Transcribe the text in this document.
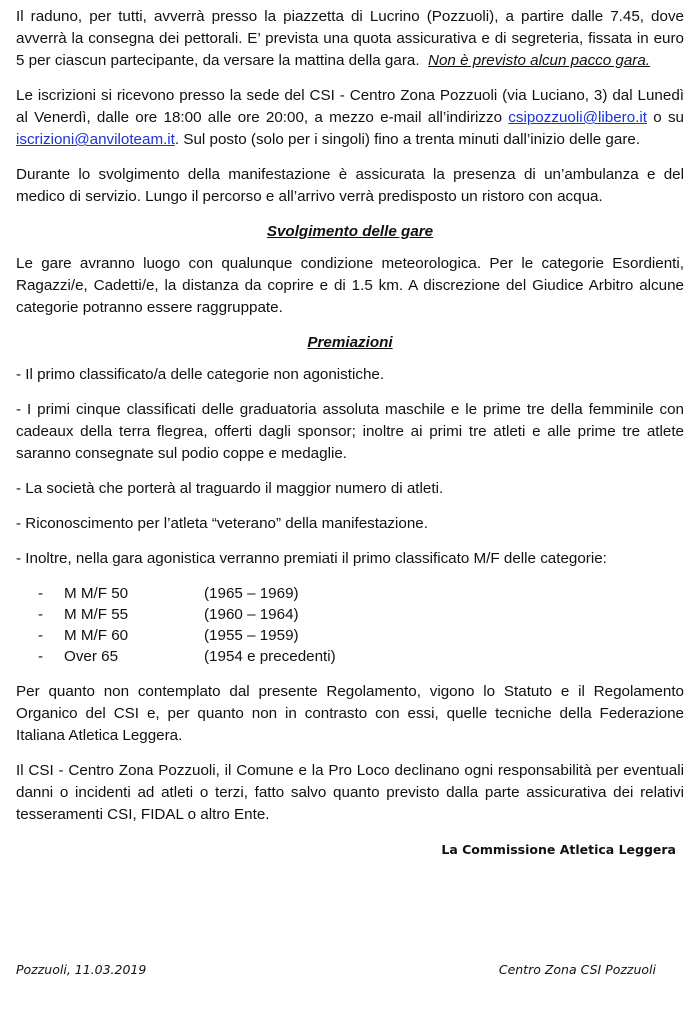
Il raduno, per tutti, avverrà presso la piazzetta di Lucrino (Pozzuoli), a partire dalle 7.45, dove avverrà la consegna dei pettorali. E’ prevista una quota assicurativa e di segreteria, fissata in euro 5 per ciascun partecipante, da versare la mattina della gara. Non è previsto alcun pacco gara.

Le iscrizioni si ricevono presso la sede del CSI - Centro Zona Pozzuoli (via Luciano, 3) dal Lunedì al Venerdì, dalle ore 18:00 alle ore 20:00, a mezzo e-mail all’indirizzo csipozzuoli@libero.it o su iscrizioni@anviloteam.it. Sul posto (solo per i singoli) fino a trenta minuti dall’inizio delle gare.

Durante lo svolgimento della manifestazione è assicurata la presenza di un’ambulanza e del medico di servizio. Lungo il percorso e all’arrivo verrà predisposto un ristoro con acqua.

Svolgimento delle gare

Le gare avranno luogo con qualunque condizione meteorologica. Per le categorie Esordienti, Ragazzi/e, Cadetti/e, la distanza da coprire e di 1.5 km. A discrezione del Giudice Arbitro alcune categorie potranno essere raggruppate.

Premiazioni

- Il primo classificato/a delle categorie non agonistiche.

- I primi cinque classificati delle graduatoria assoluta maschile e le prime tre della femminile con cadeaux della terra flegrea, offerti dagli sponsor; inoltre ai primi tre atleti e alle prime tre atlete saranno consegnate sul podio coppe e medaglie.

- La società che porterà al traguardo il maggior numero di atleti.

- Riconoscimento per l’atleta “veterano” della manifestazione.

- Inoltre, nella gara agonistica verranno premiati il primo classificato M/F delle categorie:

-	M M/F 50	(1965 – 1969)
-	M M/F 55	(1960 – 1964)
-	M M/F 60	(1955 – 1959)
-	Over 65	(1954 e precedenti)

Per quanto non contemplato dal presente Regolamento, vigono lo Statuto e il Regolamento Organico del CSI e, per quanto non in contrasto con essi, quelle tecniche della Federazione Italiana Atletica Leggera.

Il CSI - Centro Zona Pozzuoli, il Comune e la Pro Loco declinano ogni responsabilità per eventuali danni o incidenti ad atleti o terzi, fatto salvo quanto previsto dalla parte assicurativa dei relativi tesseramenti CSI, FIDAL o altro Ente.

La Commissione Atletica Leggera
Pozzuoli, 11.03.2019	Centro Zona CSI Pozzuoli
